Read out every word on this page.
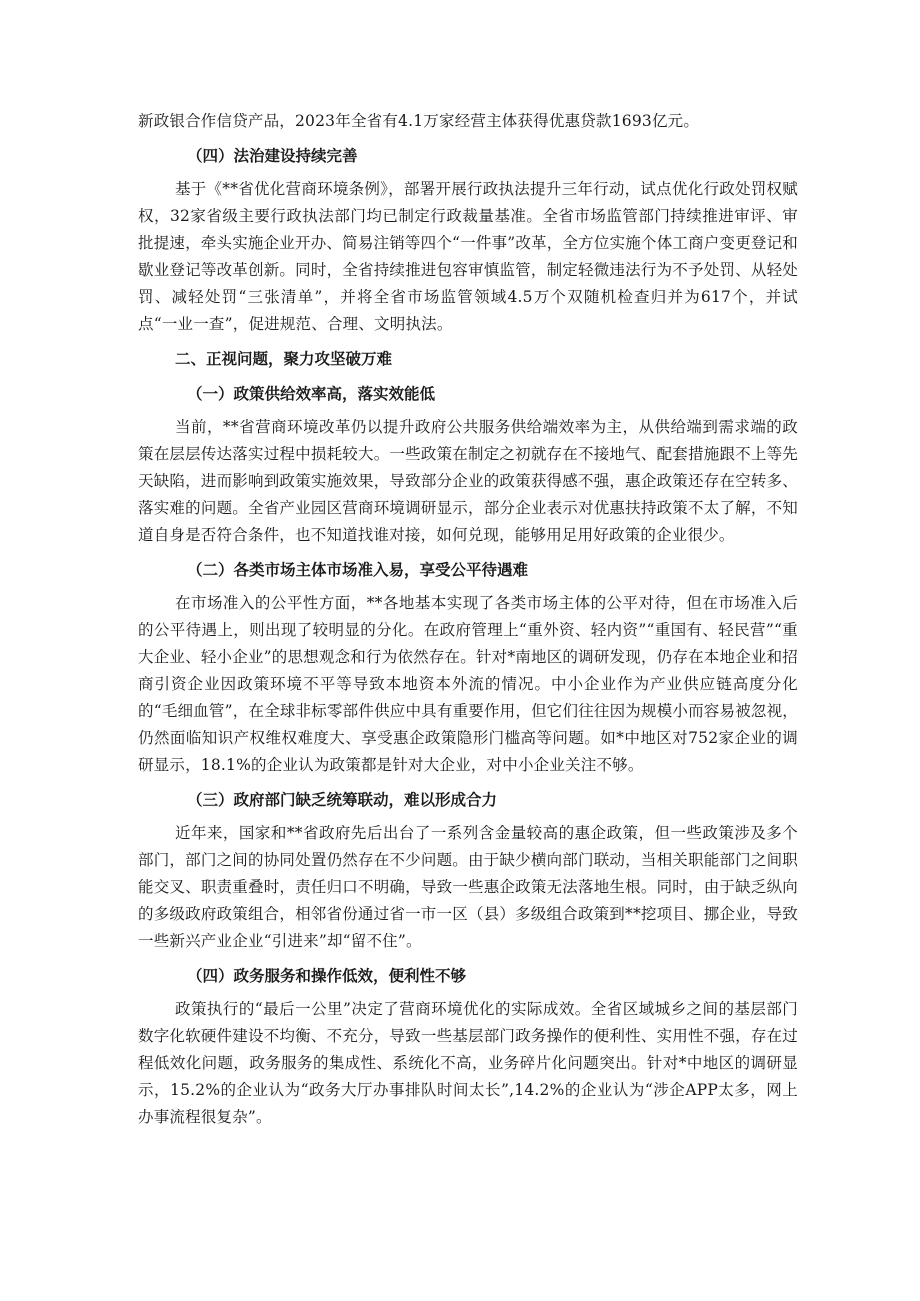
新政银合作信贷产品，2023年全省有4.1万家经营主体获得优惠贷款1693亿元。

（四）法治建设持续完善

基于《**省优化营商环境条例》，部署开展行政执法提升三年行动，试点优化行政处罚权赋权，32家省级主要行政执法部门均已制定行政裁量基准。全省市场监管部门持续推进审评、审批提速，牵头实施企业开办、简易注销等四个“一件事”改革，全方位实施个体工商户变更登记和歇业登记等改革创新。同时，全省持续推进包容审慎监管，制定轻微违法行为不予处罚、从轻处罚、减轻处罚“三张清单”，并将全省市场监管领域4.5万个双随机检查归并为617个，并试点“一业一查”，促进规范、合理、文明执法。

二、正视问题，聚力攻坚破万难
（一）政策供给效率高，落实效能低

当前，**省营商环境改革仍以提升政府公共服务供给端效率为主，从供给端到需求端的政策在层层传达落实过程中损耗较大。一些政策在制定之初就存在不接地气、配套措施跟不上等先天缺陷，进而影响到政策实施效果，导致部分企业的政策获得感不强，惠企政策还存在空转多、落实难的问题。全省产业园区营商环境调研显示，部分企业表示对优惠扶持政策不太了解，不知道自身是否符合条件，也不知道找谁对接，如何兑现，能够用足用好政策的企业很少。

（二）各类市场主体市场准入易，享受公平待遇难

在市场准入的公平性方面，**各地基本实现了各类市场主体的公平对待，但在市场准入后的公平待遇上，则出现了较明显的分化。在政府管理上“重外资、轻内资”“重国有、轻民营”“重大企业、轻小企业”的思想观念和行为依然存在。针对*南地区的调研发现，仍存在本地企业和招商引资企业因政策环境不平等导致本地资本外流的情况。中小企业作为产业供应链高度分化的“毛细血管”，在全球非标零部件供应中具有重要作用，但它们往往因为规模小而容易被忽视，仍然面临知识产权维权难度大、享受惠企政策隐形门槛高等问题。如*中地区对752家企业的调研显示，18.1%的企业认为政策都是针对大企业，对中小企业关注不够。

（三）政府部门缺乏统筹联动，难以形成合力

近年来，国家和**省政府先后出台了一系列含金量较高的惠企政策，但一些政策涉及多个部门，部门之间的协同处置仍然存在不少问题。由于缺少横向部门联动，当相关职能部门之间职能交叉、职责重叠时，责任归口不明确，导致一些惠企政策无法落地生根。同时，由于缺乏纵向的多级政府政策组合，相邻省份通过省一市一区（县）多级组合政策到**挖项目、挪企业，导致一些新兴产业企业“引进来”却“留不住”。

（四）政务服务和操作低效，便利性不够

政策执行的“最后一公里”决定了营商环境优化的实际成效。全省区域城乡之间的基层部门数字化软硬件建设不均衡、不充分，导致一些基层部门政务操作的便利性、实用性不强，存在过程低效化问题，政务服务的集成性、系统化不高，业务碎片化问题突出。针对*中地区的调研显示，15.2%的企业认为“政务大厅办事排队时间太长”,14.2%的企业认为“涉企APP太多，网上办事流程很复杂”。
